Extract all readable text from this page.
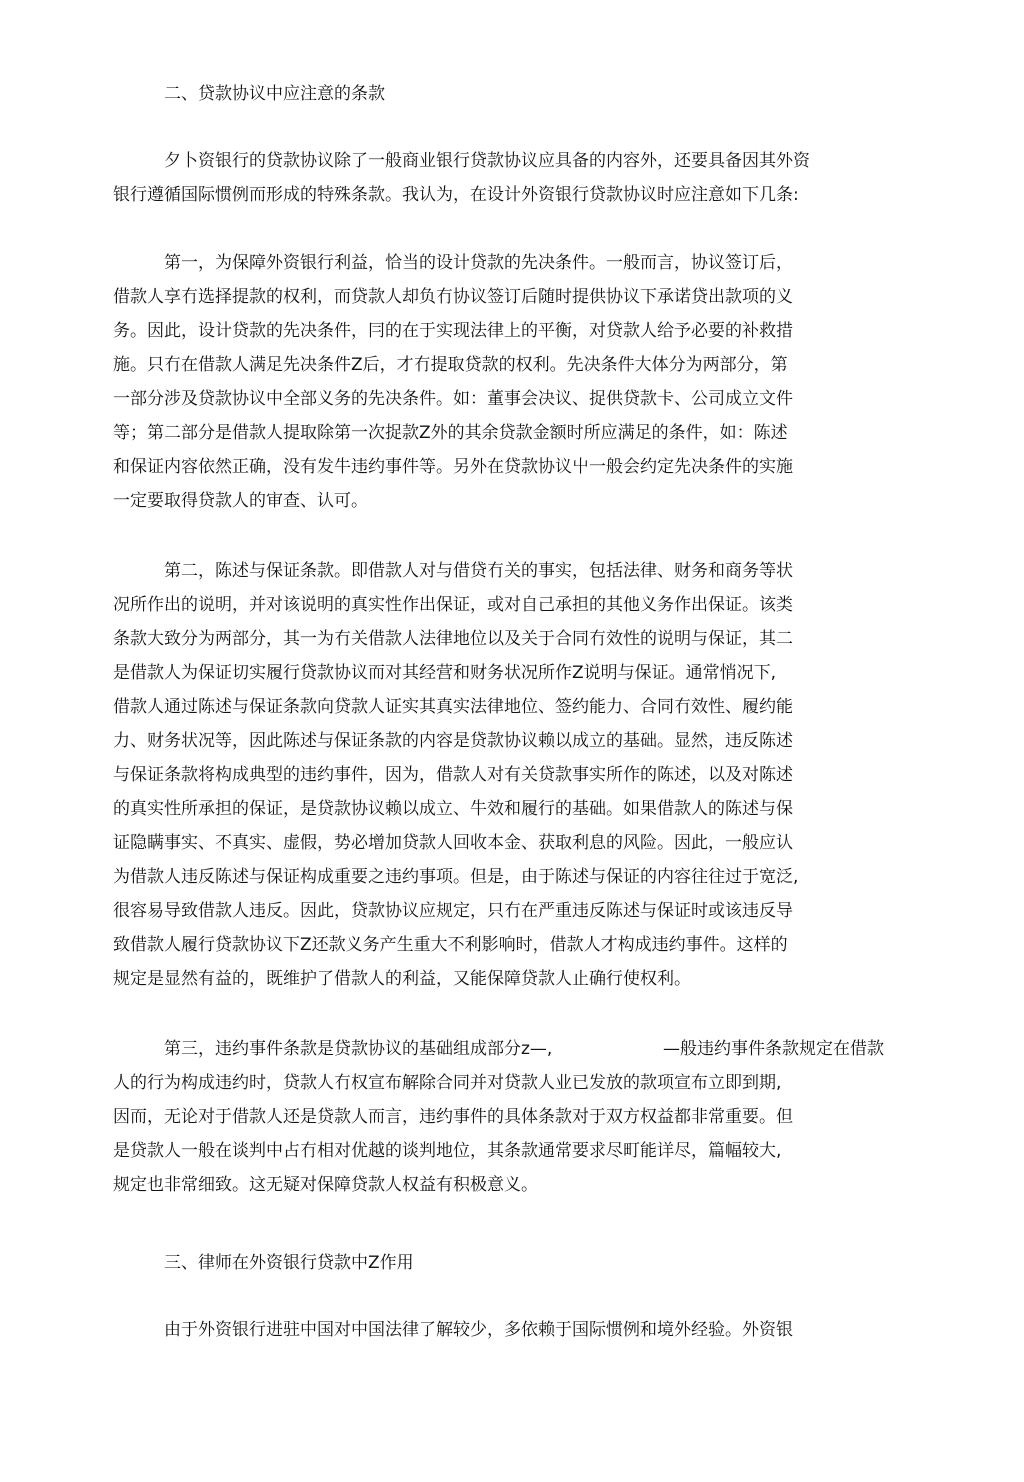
二、贷款协议中应注意的条款
夕卜资银行的贷款协议除了一般商业银行贷款协议应具备的内容外，还要具备因其外资
银行遵循国际惯例而形成的特殊条款。我认为，在设计外资银行贷款协议时应注意如下几条:
第一，为保障外资银行利益，恰当的设计贷款的先决条件。一般而言，协议签订后，
借款人享冇选择提款的权利，而贷款人却负冇协议签订后随时提供协议下承诺贷出款项的义
务。因此，设计贷款的先决条件，冃的在于实现法律上的平衡，对贷款人给予必要的补救措
施。只冇在借款人满足先决条件Z后，才冇提取贷款的权利。先决条件大体分为两部分，第
一部分涉及贷款协议中全部义务的先决条件。如：董事会决议、捉供贷款卡、公司成立文件
等；第二部分是借款人提取除第一次捉款Z外的其余贷款金额时所应满足的条件，如：陈述
和保证内容依然正确，没有发牛违约事件等。另外在贷款协议屮一般会约定先决条件的实施
一定要取得贷款人的审查、认可。
第二，陈述与保证条款。即借款人对与借贷冇关的事实，包括法律、财务和商务等状
况所作出的说明，并对该说明的真实性作出保证，或对自己承担的其他义务作出保证。该类
条款大致分为两部分，其一为冇关借款人法律地位以及关于合同冇效性的说明与保证，其二
是借款人为保证切实履行贷款协议而对其经营和财务状况所作Z说明与保证。通常悄况下,
借款人通过陈述与保证条款向贷款人证实其真实法律地位、签约能力、合同冇效性、履约能
力、财务状况等，因此陈述与保证条款的内容是贷款协议赖以成立的基础。显然，违反陈述
与保证条款将构成典型的违约事件，因为，借款人对有关贷款事实所作的陈述，以及对陈述
的真实性所承担的保证，是贷款协议赖以成立、牛效和履行的基础。如果借款人的陈述与保
证隐瞒事实、不真实、虚假，势必增加贷款人回收本金、获取利息的风险。因此，一般应认
为借款人违反陈述与保证构成重要之违约事项。但是，由于陈述与保证的内容往往过于宽泛,
很容易导致借款人违反。因此，贷款协议应规定，只冇在严重违反陈述与保证时或该违反导
致借款人履行贷款协议下Z还款义务产生重大不利影响时，借款人才构成违约事件。这样的
规定是显然有益的，既维护了借款人的利益，又能保障贷款人止确行使权利。
第三，违约事件条款是贷款协议的基础组成部分z—,	—般违约事件条款规定在借款
人的行为构成违约时，贷款人冇权宣布解除合同并对贷款人业已发放的款项宣布立即到期,
因而，无论对于借款人还是贷款人而言，违约事件的具体条款对于双方权益都非常重要。但
是贷款人一般在谈判中占冇相对优越的谈判地位，其条款通常要求尽町能详尽，篇幅较大,
规定也非常细致。这无疑对保障贷款人权益有积极意义。
三、律师在外资银行贷款中Z作用
由于外资银行进驻中国对中国法律了解较少，多依赖于国际惯例和境外经验。外资银
